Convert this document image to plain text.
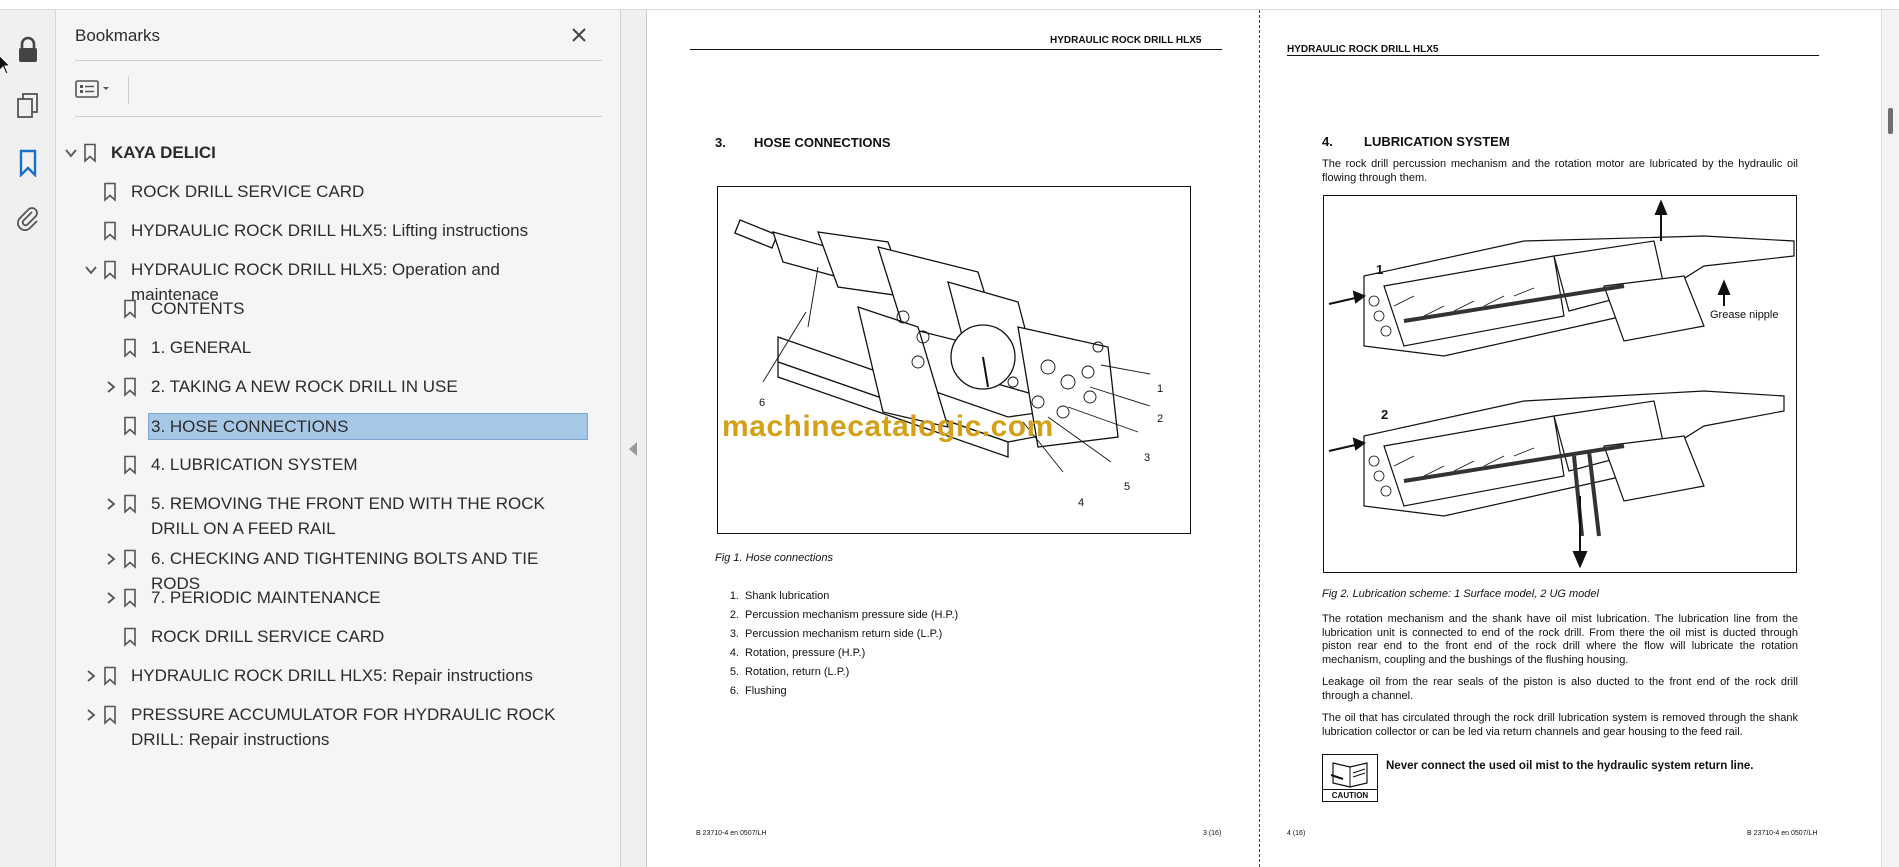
Bookmarks
KAYA DELICI
ROCK DRILL SERVICE CARD
HYDRAULIC ROCK DRILL HLX5: Lifting instructions
HYDRAULIC ROCK DRILL HLX5: Operation and maintenace
CONTENTS
1. GENERAL
2. TAKING A NEW ROCK DRILL IN USE
3. HOSE CONNECTIONS
4. LUBRICATION SYSTEM
5. REMOVING THE FRONT END WITH THE ROCK DRILL ON A FEED RAIL
6. CHECKING AND TIGHTENING BOLTS AND TIE RODS
7. PERIODIC MAINTENANCE
ROCK DRILL SERVICE CARD
HYDRAULIC ROCK DRILL HLX5: Repair instructions
PRESSURE ACCUMULATOR FOR HYDRAULIC ROCK DRILL: Repair instructions
HYDRAULIC ROCK DRILL HLX5
3. HOSE CONNECTIONS
1
2
3
4
5
6
machinecatalogic.com
Fig 1. Hose connections
1. Shank lubrication
2. Percussion mechanism pressure side (H.P.)
3. Percussion mechanism return side (L.P.)
4. Rotation, pressure (H.P.)
5. Rotation, return (L.P.)
6. Flushing
B 23710-4 en 0507/LH	3 (16)
HYDRAULIC ROCK DRILL HLX5
4. LUBRICATION SYSTEM
The rock drill percussion mechanism and the rotation motor are lubricated by the hydraulic oil flowing through them.
1
2
Grease nipple
Fig 2. Lubrication scheme: 1 Surface model, 2 UG model
The rotation mechanism and the shank have oil mist lubrication. The lubrication line from the lubrication unit is connected to end of the rock drill. From there the oil mist is ducted through piston rear end to the front end of the rock drill where the flow will lubricate the rotation mechanism, coupling and the bushings of the flushing housing.
Leakage oil from the rear seals of the piston is also ducted to the front end of the rock drill through a channel.
The oil that has circulated through the rock drill lubrication system is removed through the shank lubrication collector or can be led via return channels and gear housing to the feed rail.
CAUTION
Never connect the used oil mist to the hydraulic system return line.
4 (16)	B 23710-4 en 0507/LH
